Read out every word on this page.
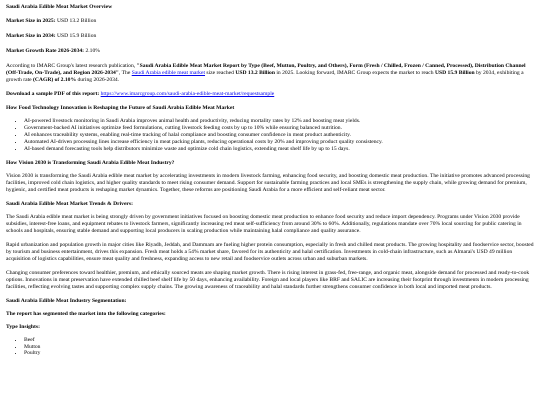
Saudi Arabia Edible Meat Market Overview

Market Size in 2025: USD 13.2 Billion

Market Size in 2034: USD 15.9 Billion

Market Growth Rate 2026-2034: 2.10%

According to IMARC Group's latest research publication, "Saudi Arabia Edible Meat Market Report by Type (Beef, Mutton, Poultry, and Others), Form (Fresh / Chilled, Frozen / Canned, Processed), Distribution Channel (Off-Trade, On-Trade), and Region 2026-2034", The Saudi Arabia edible meat market size reached USD 13.2 Billion in 2025. Looking forward, IMARC Group expects the market to reach USD 15.9 Billion by 2034, exhibiting a growth rate (CAGR) of 2.10% during 2026-2034.

Download a sample PDF of this report: https://www.imarcgroup.com/saudi-arabia-edible-meat-market/requestsample

How Food Technology Innovation is Reshaping the Future of Saudi Arabia Edible Meat Market

• AI-powered livestock monitoring in Saudi Arabia improves animal health and productivity, reducing mortality rates by 12% and boosting meat yields.
• Government-backed AI initiatives optimize feed formulations, cutting livestock feeding costs by up to 10% while ensuring balanced nutrition.
• AI enhances traceability systems, enabling real-time tracking of halal compliance and boosting consumer confidence in meat product authenticity.
• Automated AI-driven processing lines increase efficiency in meat packing plants, reducing operational costs by 20% and improving product quality consistency.
• AI-based demand forecasting tools help distributors minimize waste and optimize cold chain logistics, extending meat shelf life by up to 15 days.

How Vision 2030 is Transforming Saudi Arabia Edible Meat Industry?

Vision 2030 is transforming the Saudi Arabia edible meat market by accelerating investments in modern livestock farming, enhancing food security, and boosting domestic meat production. The initiative promotes advanced processing facilities, improved cold chain logistics, and higher quality standards to meet rising consumer demand. Support for sustainable farming practices and local SMEs is strengthening the supply chain, while growing demand for premium, hygienic, and certified meat products is reshaping market dynamics. Together, these reforms are positioning Saudi Arabia for a more efficient and self-reliant meat sector.

Saudi Arabia Edible Meat Market Trends & Drivers:

The Saudi Arabia edible meat market is being strongly driven by government initiatives focused on boosting domestic meat production to enhance food security and reduce import dependency. Programs under Vision 2030 provide subsidies, interest-free loans, and equipment rebates to livestock farmers, significantly increasing red meat self-sufficiency from around 30% to 60%. Additionally, regulations mandate over 70% local sourcing for public catering in schools and hospitals, ensuring stable demand and supporting local producers in scaling production while maintaining halal compliance and quality assurance.

Rapid urbanization and population growth in major cities like Riyadh, Jeddah, and Dammam are fueling higher protein consumption, especially in fresh and chilled meat products. The growing hospitality and foodservice sector, boosted by tourism and business entertainment, drives this expansion. Fresh meat holds a 54% market share, favored for its authenticity and halal certification. Investments in cold-chain infrastructure, such as Almarai's USD 49 million acquisition of logistics capabilities, ensure meat quality and freshness, expanding access to new retail and foodservice outlets across urban and suburban markets.

Changing consumer preferences toward healthier, premium, and ethically sourced meats are shaping market growth. There is rising interest in grass-fed, free-range, and organic meat, alongside demand for processed and ready-to-cook options. Innovations in meat preservation have extended chilled beef shelf life by 50 days, enhancing availability. Foreign and local players like BRF and SALIC are increasing their footprint through investments in modern processing facilities, reflecting evolving tastes and supporting complex supply chains. The growing awareness of traceability and halal standards further strengthens consumer confidence in both local and imported meat products.

Saudi Arabia Edible Meat Industry Segmentation:

The report has segmented the market into the following categories:

Type Insights:

• Beef
• Mutton
• Poultry
